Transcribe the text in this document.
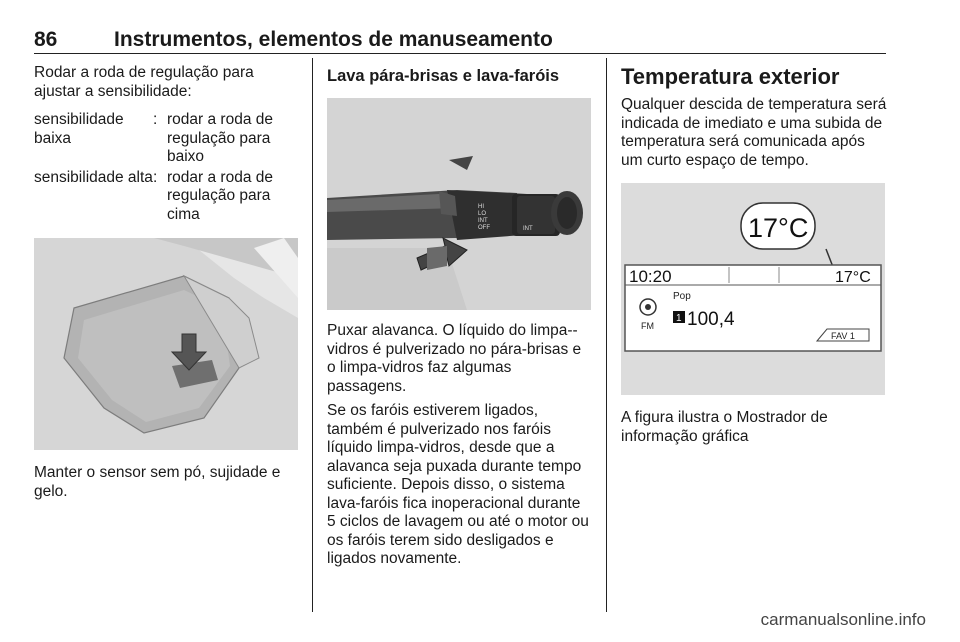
86	Instrumentos, elementos de manuseamento

Rodar a roda de regulação para ajustar a sensibilidade:

sensibilidade baixa
: rodar a roda de regulação para baixo
sensibilidade alta : rodar a roda de regulação para cima

Manter o sensor sem pó, sujidade e gelo.

Lava pára-brisas e lava-faróis
HI
LO
INT
OFF	INT

Puxar alavanca. O líquido do limpa--vidros é pulverizado no pára-brisas e o limpa-vidros faz algumas passagens.

Se os faróis estiverem ligados, também é pulverizado nos faróis líquido limpa-vidros, desde que a alavanca seja puxada durante tempo suficiente. Depois disso, o sistema lava-faróis fica inoperacional durante 5 ciclos de lavagem ou até o motor ou os faróis terem sido desligados e ligados novamente.

Temperatura exterior

Qualquer descida de temperatura será indicada de imediato e uma subida de temperatura será comunicada após um curto espaço de tempo.

17°C
10:20	17°C
Pop
FM
1 100,4
FAV 1

A figura ilustra o Mostrador de informação gráfica

carmanualsonline.info
